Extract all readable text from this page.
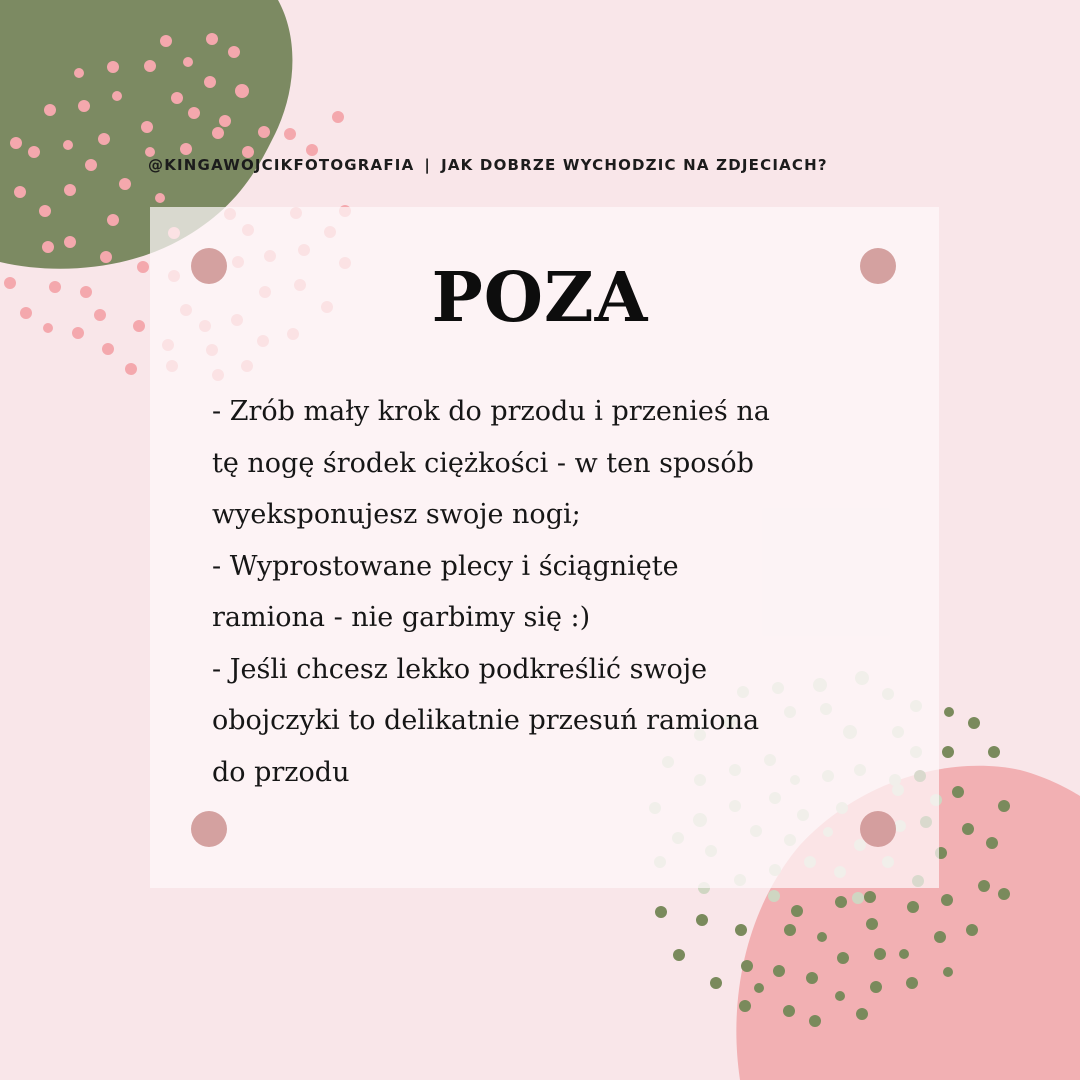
@KINGAWOJCIKFOTOGRAFIA | JAK DOBRZE WYCHODZIC NA ZDJECIACH?
POZA
- Zrób mały krok do przodu i przenieś na
tę nogę środek ciężkości - w ten sposób
wyeksponujesz swoje nogi;
- Wyprostowane plecy i ściągnięte
ramiona - nie garbimy się :)
- Jeśli chcesz lekko podkreślić swoje
obojczyki to delikatnie przesuń ramiona
do przodu
